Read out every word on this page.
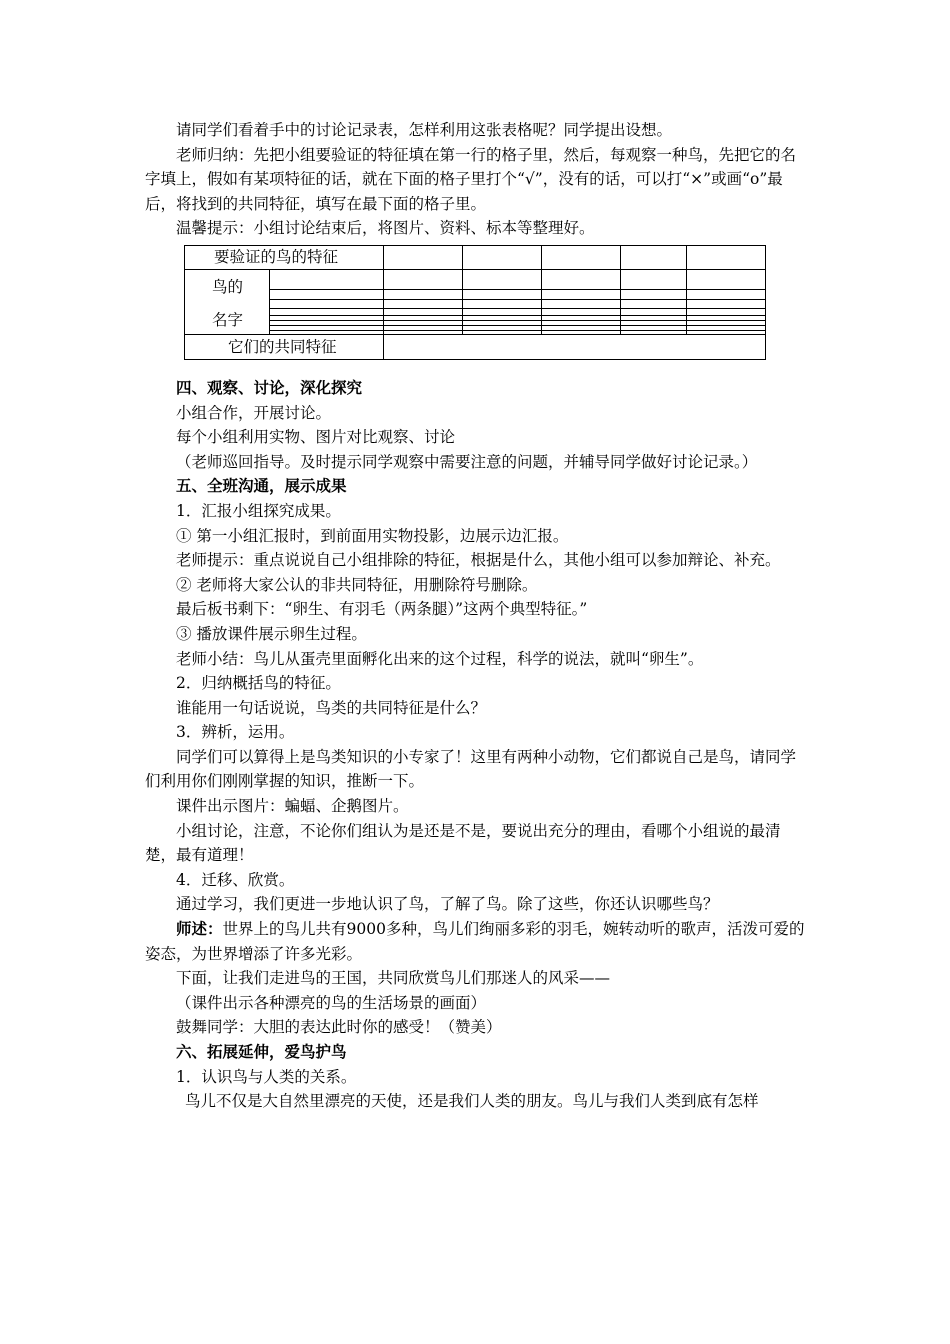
请同学们看着手中的讨论记录表，怎样利用这张表格呢？同学提出设想。

老师归纳：先把小组要验证的特征填在第一行的格子里，然后，每观察一种鸟，先把它的名字填上，假如有某项特征的话，就在下面的格子里打个“√”，没有的话，可以打“×”或画“o”最后，将找到的共同特征，填写在最下面的格子里。

温馨提示：小组讨论结束后，将图片、资料、标本等整理好。

要验证的鸟的特征
鸟的
名字
它们的共同特征

四、观察、讨论，深化探究

小组合作，开展讨论。

每个小组利用实物、图片对比观察、讨论

（老师巡回指导。及时提示同学观察中需要注意的问题，并辅导同学做好讨论记录。）

五、全班沟通，展示成果

1．汇报小组探究成果。

① 第一小组汇报时，到前面用实物投影，边展示边汇报。

老师提示：重点说说自己小组排除的特征，根据是什么，其他小组可以参加辩论、补充。

② 老师将大家公认的非共同特征，用删除符号删除。

最后板书剩下：“卵生、有羽毛（两条腿）”这两个典型特征。”

③ 播放课件展示卵生过程。

老师小结：鸟儿从蛋壳里面孵化出来的这个过程，科学的说法，就叫“卵生”。

2．归纳概括鸟的特征。

谁能用一句话说说，鸟类的共同特征是什么？

3．辨析，运用。

同学们可以算得上是鸟类知识的小专家了！这里有两种小动物，它们都说自己是鸟，请同学们利用你们刚刚掌握的知识，推断一下。

课件出示图片：蝙蝠、企鹅图片。

小组讨论，注意，不论你们组认为是还是不是，要说出充分的理由，看哪个小组说的最清楚，最有道理！

4．迁移、欣赏。

通过学习，我们更进一步地认识了鸟，了解了鸟。除了这些，你还认识哪些鸟？

师述：世界上的鸟儿共有9000多种，鸟儿们绚丽多彩的羽毛，婉转动听的歌声，活泼可爱的姿态，为世界增添了许多光彩。

下面，让我们走进鸟的王国，共同欣赏鸟儿们那迷人的风采——

（课件出示各种漂亮的鸟的生活场景的画面）

鼓舞同学：大胆的表达此时你的感受！（赞美）

六、拓展延伸，爱鸟护鸟

1．认识鸟与人类的关系。

鸟儿不仅是大自然里漂亮的天使，还是我们人类的朋友。鸟儿与我们人类到底有怎样
